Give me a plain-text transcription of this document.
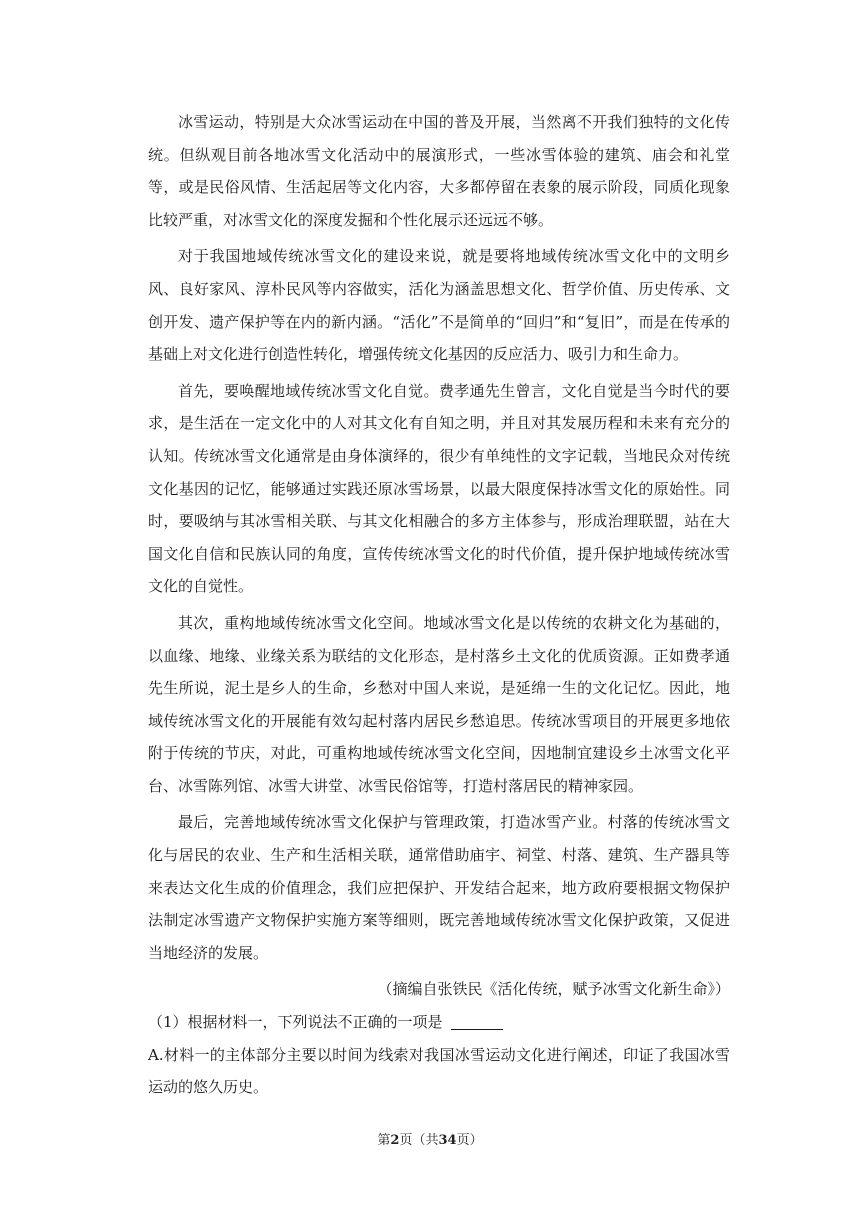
冰雪运动，特别是大众冰雪运动在中国的普及开展，当然离不开我们独特的文化传统。但纵观目前各地冰雪文化活动中的展演形式，一些冰雪体验的建筑、庙会和礼堂等，或是民俗风情、生活起居等文化内容，大多都停留在表象的展示阶段，同质化现象比较严重，对冰雪文化的深度发掘和个性化展示还远远不够。

对于我国地域传统冰雪文化的建设来说，就是要将地域传统冰雪文化中的文明乡风、良好家风、淳朴民风等内容做实，活化为涵盖思想文化、哲学价值、历史传承、文创开发、遗产保护等在内的新内涵。“活化”不是简单的“回归”和“复旧”，而是在传承的基础上对文化进行创造性转化，增强传统文化基因的反应活力、吸引力和生命力。

首先，要唤醒地域传统冰雪文化自觉。费孝通先生曾言，文化自觉是当今时代的要求，是生活在一定文化中的人对其文化有自知之明，并且对其发展历程和未来有充分的认知。传统冰雪文化通常是由身体演绎的，很少有单纯性的文字记载，当地民众对传统文化基因的记忆，能够通过实践还原冰雪场景，以最大限度保持冰雪文化的原始性。同时，要吸纳与其冰雪相关联、与其文化相融合的多方主体参与，形成治理联盟，站在大国文化自信和民族认同的角度，宣传传统冰雪文化的时代价值，提升保护地域传统冰雪文化的自觉性。

其次，重构地域传统冰雪文化空间。地域冰雪文化是以传统的农耕文化为基础的，以血缘、地缘、业缘关系为联结的文化形态，是村落乡土文化的优质资源。正如费孝通先生所说，泥土是乡人的生命，乡愁对中国人来说，是延绵一生的文化记忆。因此，地域传统冰雪文化的开展能有效勾起村落内居民乡愁追思。传统冰雪项目的开展更多地依附于传统的节庆，对此，可重构地域传统冰雪文化空间，因地制宜建设乡土冰雪文化平台、冰雪陈列馆、冰雪大讲堂、冰雪民俗馆等，打造村落居民的精神家园。

最后，完善地域传统冰雪文化保护与管理政策，打造冰雪产业。村落的传统冰雪文化与居民的农业、生产和生活相关联，通常借助庙宇、祠堂、村落、建筑、生产器具等来表达文化生成的价值理念，我们应把保护、开发结合起来，地方政府要根据文物保护法制定冰雪遗产文物保护实施方案等细则，既完善地域传统冰雪文化保护政策，又促进当地经济的发展。

（摘编自张铁民《活化传统，赋予冰雪文化新生命》）

（1）根据材料一，下列说法不正确的一项是

A.材料一的主体部分主要以时间为线索对我国冰雪运动文化进行阐述，印证了我国冰雪运动的悠久历史。

第2页（共34页）
